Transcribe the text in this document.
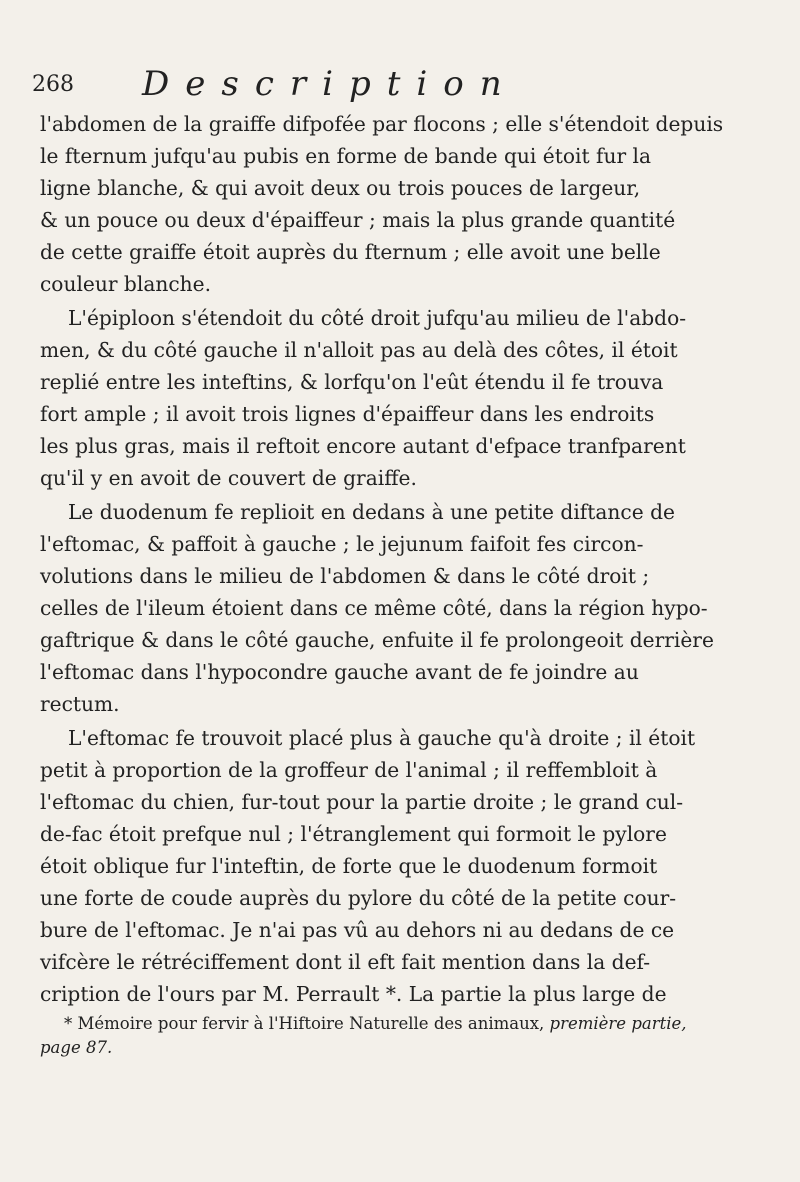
268 Description
l'abdomen de la graiffe difpofée par flocons ; elle s'étendoit depuis
le fternum jufqu'au pubis en forme de bande qui étoit fur la
ligne blanche, & qui avoit deux ou trois pouces de largeur,
& un pouce ou deux d'épaiffeur ; mais la plus grande quantité
de cette graiffe étoit auprès du fternum ; elle avoit une belle
couleur blanche.
L'épiploon s'étendoit du côté droit jufqu'au milieu de l'abdo-
men, & du côté gauche il n'alloit pas au delà des côtes, il étoit
replié entre les inteftins, & lorfqu'on l'eût étendu il fe trouva
fort ample ; il avoit trois lignes d'épaiffeur dans les endroits
les plus gras, mais il reftoit encore autant d'efpace tranfparent
qu'il y en avoit de couvert de graiffe.
Le duodenum fe replioit en dedans à une petite diftance de
l'eftomac, & paffoit à gauche ; le jejunum faifoit fes circon-
volutions dans le milieu de l'abdomen & dans le côté droit ;
celles de l'ileum étoient dans ce même côté, dans la région hypo-
gaftrique & dans le côté gauche, enfuite il fe prolongeoit derrière
l'eftomac dans l'hypocondre gauche avant de fe joindre au
rectum.
L'eftomac fe trouvoit placé plus à gauche qu'à droite ; il étoit
petit à proportion de la groffeur de l'animal ; il reffembloit à
l'eftomac du chien, fur-tout pour la partie droite ; le grand cul-
de-fac étoit prefque nul ; l'étranglement qui formoit le pylore
étoit oblique fur l'inteftin, de forte que le duodenum formoit
une forte de coude auprès du pylore du côté de la petite cour-
bure de l'eftomac. Je n'ai pas vû au dehors ni au dedans de ce
vifcère le rétréciffement dont il eft fait mention dans la def-
cription de l'ours par M. Perrault *. La partie la plus large de
* Mémoire pour fervir à l'Hiftoire Naturelle des animaux, première partie,
page 87.
